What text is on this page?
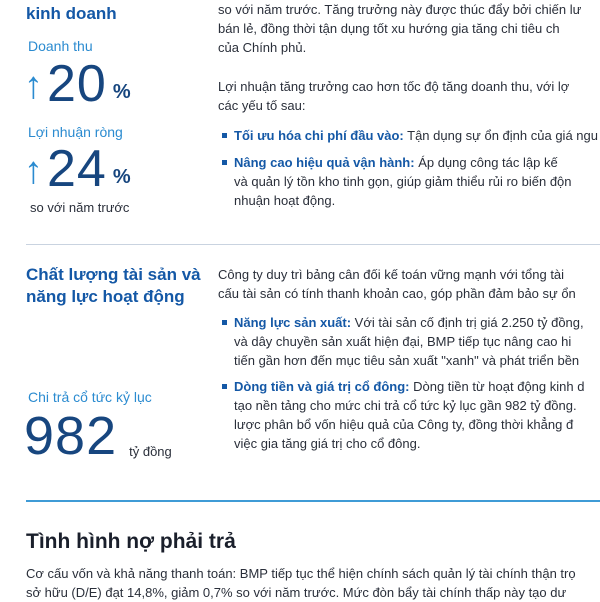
kinh doanh
Doanh thu
↑ 20 %
Lợi nhuận ròng
↑ 24 %
so với năm trước
so với năm trước. Tăng trưởng này được thúc đẩy bởi chiến lư
bán lẻ, đồng thời tận dụng tốt xu hướng gia tăng chi tiêu ch
của Chính phủ.
Lợi nhuận tăng trưởng cao hơn tốc độ tăng doanh thu, với lợ
các yếu tố sau:
Tối ưu hóa chi phí đầu vào: Tận dụng sự ổn định của giá ngu
Nâng cao hiệu quả vận hành: Áp dụng công tác lập kế
và quản lý tồn kho tinh gọn, giúp giảm thiểu rủi ro biến độn
nhuận hoạt động.
Chất lượng tài sản và
năng lực hoạt động
Công ty duy trì bảng cân đối kế toán vững mạnh với tổng tài
cấu tài sản có tính thanh khoản cao, góp phần đảm bảo sự ổn
Năng lực sản xuất: Với tài sản cố định trị giá 2.250 tỷ đồng,
và dây chuyền sản xuất hiện đại, BMP tiếp tục nâng cao hi
tiến gần hơn đến mục tiêu sản xuất "xanh" và phát triển bền
Dòng tiền và giá trị cổ đông: Dòng tiền từ hoạt động kinh d
tạo nền tảng cho mức chi trả cổ tức kỷ lục gần 982 tỷ đồng.
lược phân bổ vốn hiệu quả của Công ty, đồng thời khẳng đ
việc gia tăng giá trị cho cổ đông.
Chi trả cổ tức kỷ lục
982 tỷ đồng
Tình hình nợ phải trả
Cơ cấu vốn và khả năng thanh toán: BMP tiếp tục thể hiện chính sách quản lý tài chính thận trọ
sở hữu (D/E) đạt 14,8%, giảm 0,7% so với năm trước. Mức đòn bẩy tài chính thấp này tạo dư
